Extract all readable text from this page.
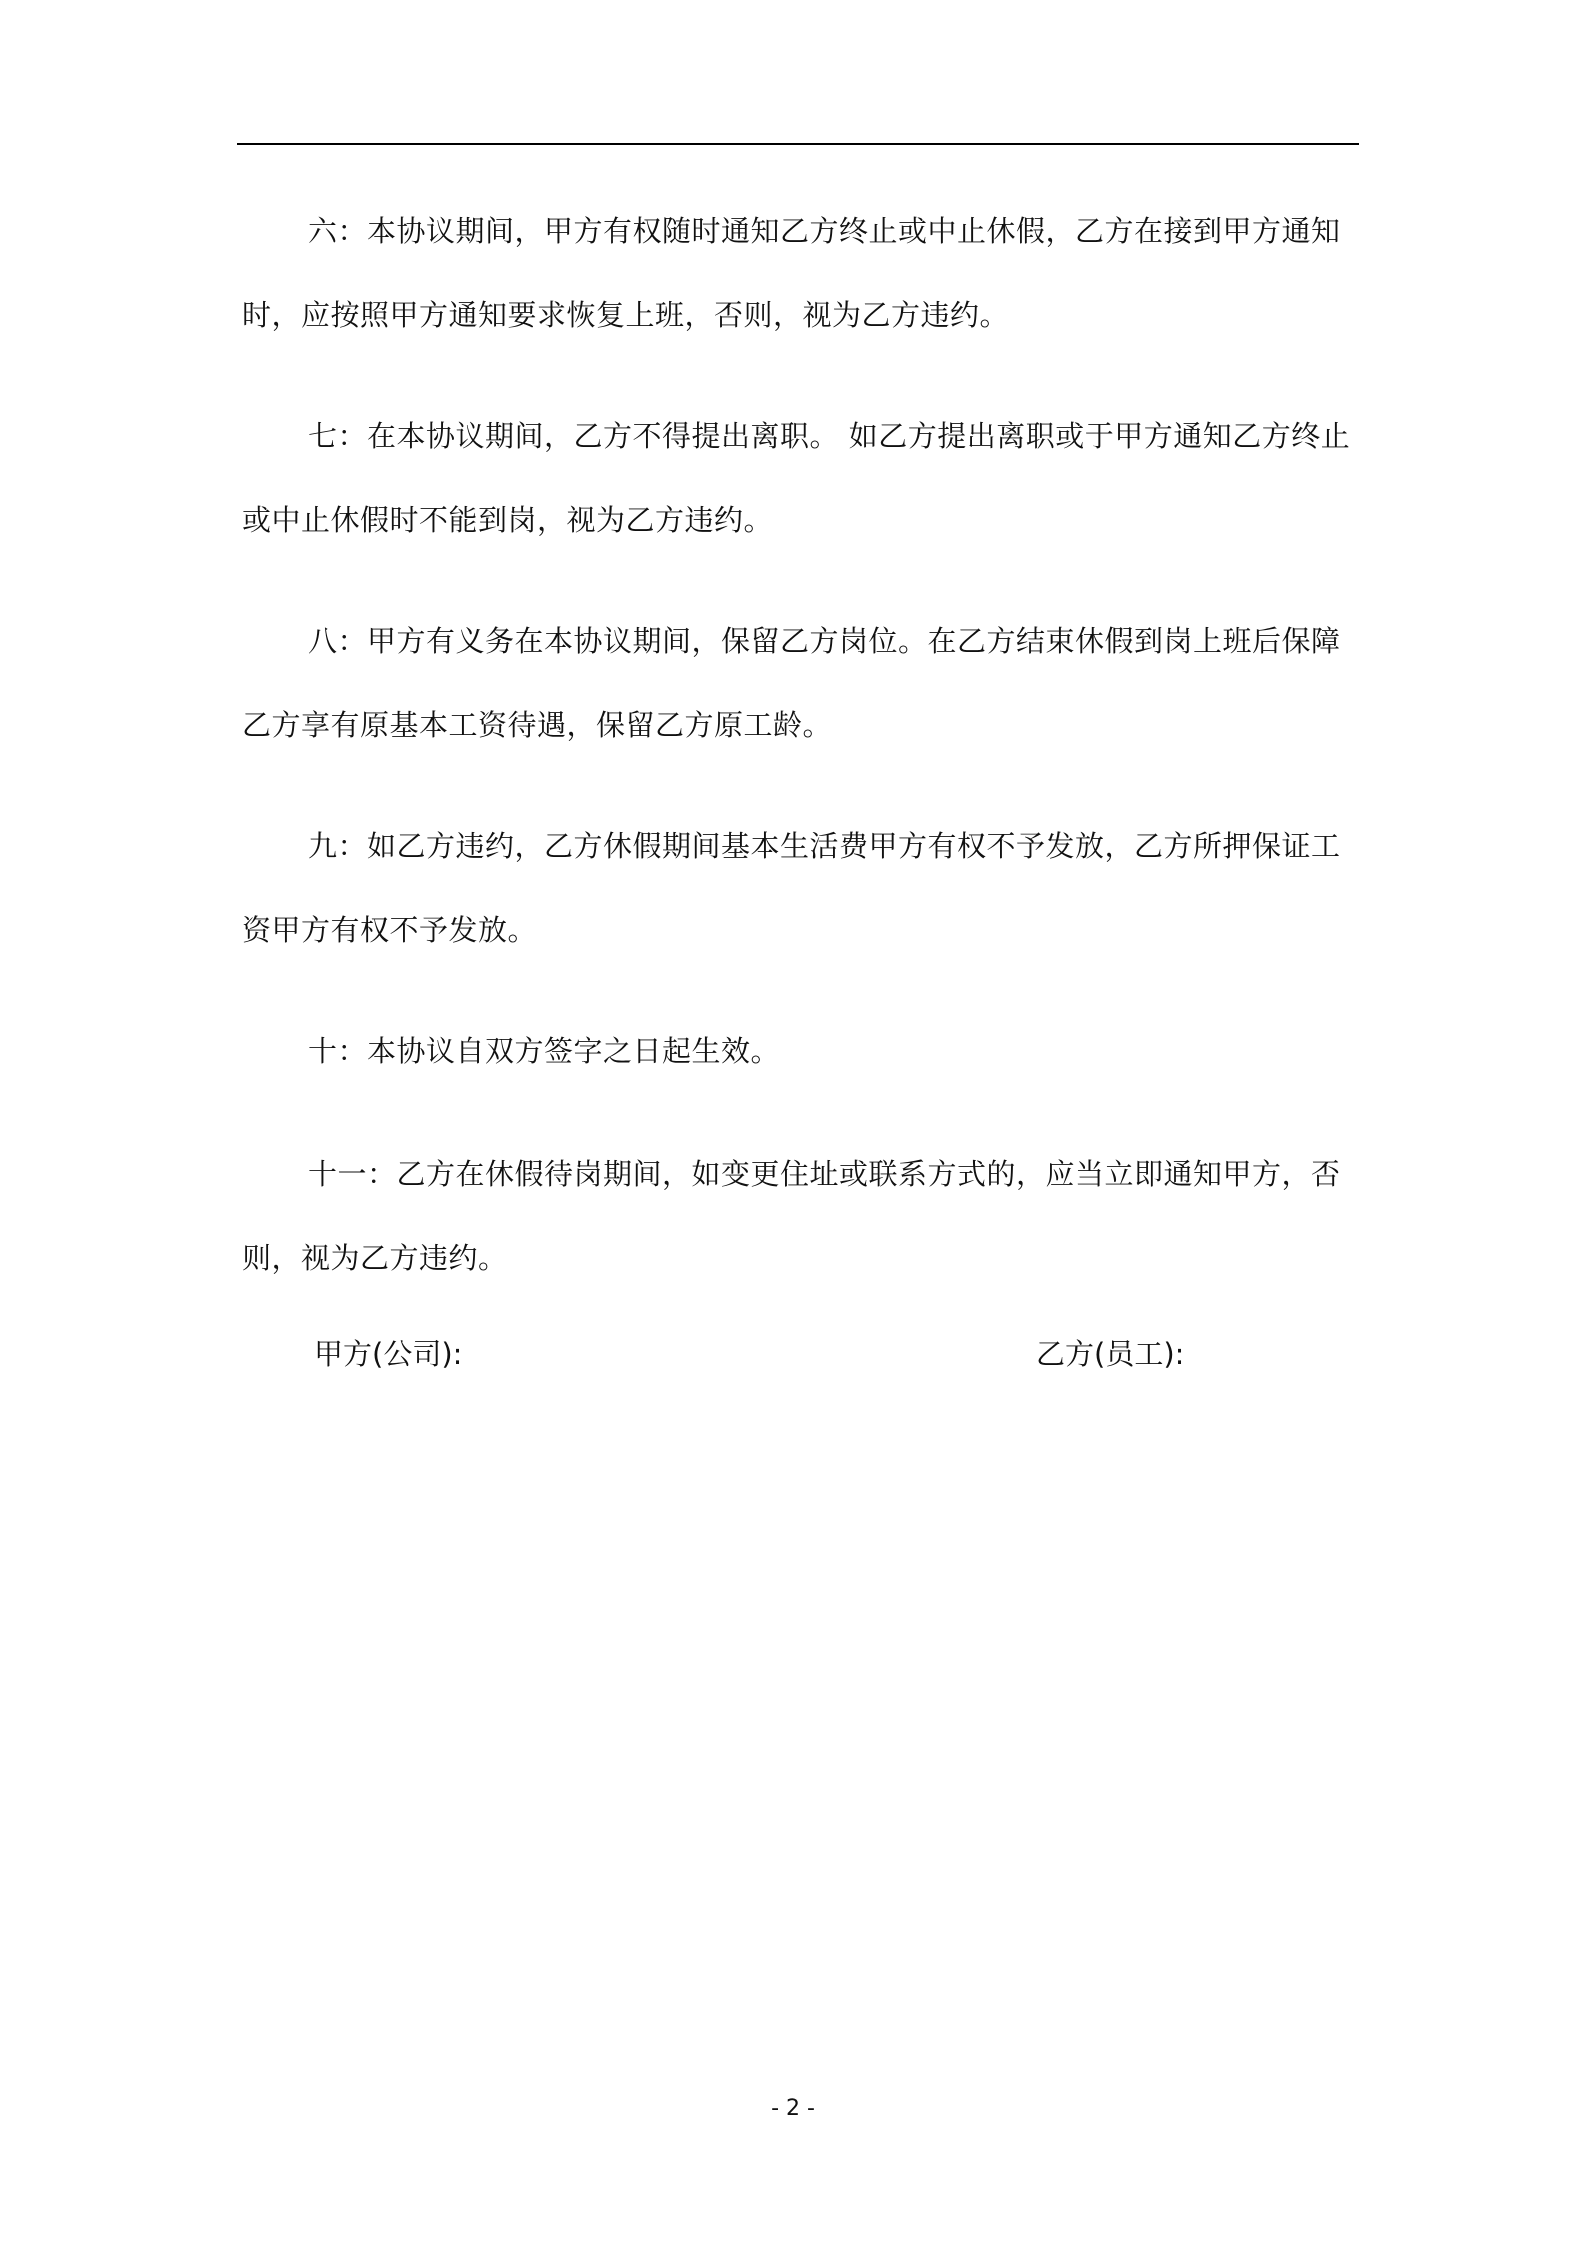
六：本协议期间，甲方有权随时通知乙方终止或中止休假，乙方在接到甲方通知时，应按照甲方通知要求恢复上班，否则，视为乙方违约。

七：在本协议期间，乙方不得提出离职。 如乙方提出离职或于甲方通知乙方终止或中止休假时不能到岗，视为乙方违约。

八：甲方有义务在本协议期间，保留乙方岗位。在乙方结束休假到岗上班后保障乙方享有原基本工资待遇，保留乙方原工龄。

九：如乙方违约，乙方休假期间基本生活费甲方有权不予发放，乙方所押保证工资甲方有权不予发放。

十：本协议自双方签字之日起生效。

十一：乙方在休假待岗期间，如变更住址或联系方式的，应当立即通知甲方，否则，视为乙方违约。

甲方(公司):	乙方(员工):
- 2 -
